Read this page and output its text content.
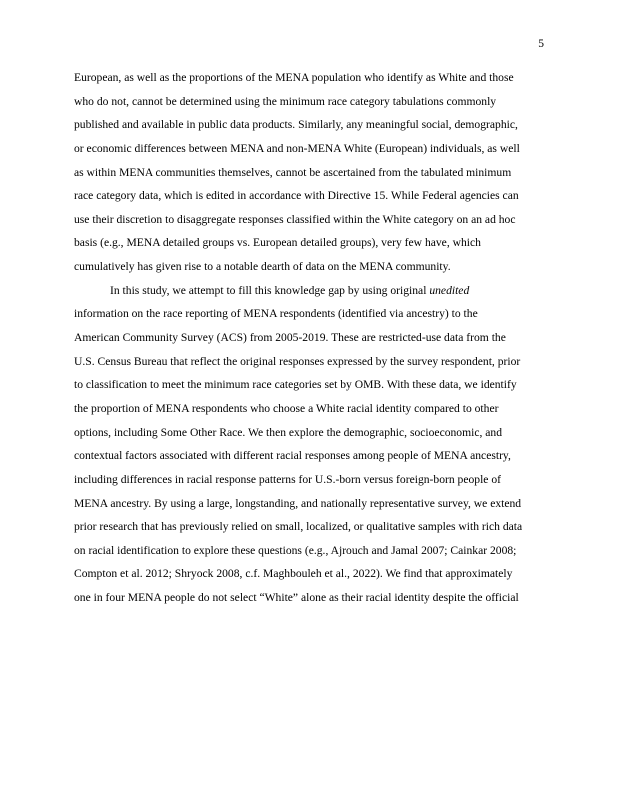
5
European, as well as the proportions of the MENA population who identify as White and those
who do not, cannot be determined using the minimum race category tabulations commonly
published and available in public data products. Similarly, any meaningful social, demographic,
or economic differences between MENA and non-MENA White (European) individuals, as well
as within MENA communities themselves, cannot be ascertained from the tabulated minimum
race category data, which is edited in accordance with Directive 15. While Federal agencies can
use their discretion to disaggregate responses classified within the White category on an ad hoc
basis (e.g., MENA detailed groups vs. European detailed groups), very few have, which
cumulatively has given rise to a notable dearth of data on the MENA community.
In this study, we attempt to fill this knowledge gap by using original unedited
information on the race reporting of MENA respondents (identified via ancestry) to the
American Community Survey (ACS) from 2005-2019. These are restricted-use data from the
U.S. Census Bureau that reflect the original responses expressed by the survey respondent, prior
to classification to meet the minimum race categories set by OMB. With these data, we identify
the proportion of MENA respondents who choose a White racial identity compared to other
options, including Some Other Race. We then explore the demographic, socioeconomic, and
contextual factors associated with different racial responses among people of MENA ancestry,
including differences in racial response patterns for U.S.-born versus foreign-born people of
MENA ancestry. By using a large, longstanding, and nationally representative survey, we extend
prior research that has previously relied on small, localized, or qualitative samples with rich data
on racial identification to explore these questions (e.g., Ajrouch and Jamal 2007; Cainkar 2008;
Compton et al. 2012; Shryock 2008, c.f. Maghbouleh et al., 2022). We find that approximately
one in four MENA people do not select “White” alone as their racial identity despite the official
